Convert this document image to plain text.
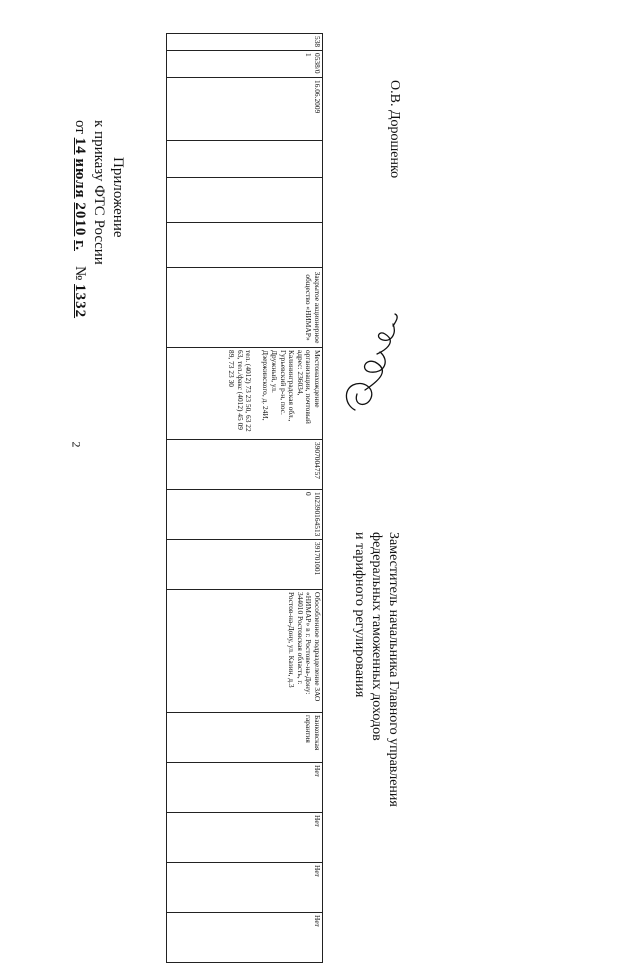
2
Приложение
к приказу ФТС России
от 14 июля 2010 г.    № 1332
538	0538/01	16.06.2009				Закрытое акционерное общество «НИМАР»	Местонахождение организации, почтовый адрес: 236034, Калининградская обл., Гурьевский р-н, пос. Дружный, ул. Дзержинского, д. 24И,

тел. (4012) 73 23 50, 63 22 63, тел./факс (4012) 45 09 89, 73 23 30	3907004757	1023901645130	391701001	Обособленное подразделение ЗАО «НИМАР» в г. Ростове-на-Дону: 344010 Ростовская область, г. Ростов-на-Дону, ул. Казин, д.3	Банковская гарантия	Нет	Нет	Нет	Нет
Заместитель начальника Главного управления
федеральных таможенных доходов
и тарифного регулирования
О.В. Дорошенко
